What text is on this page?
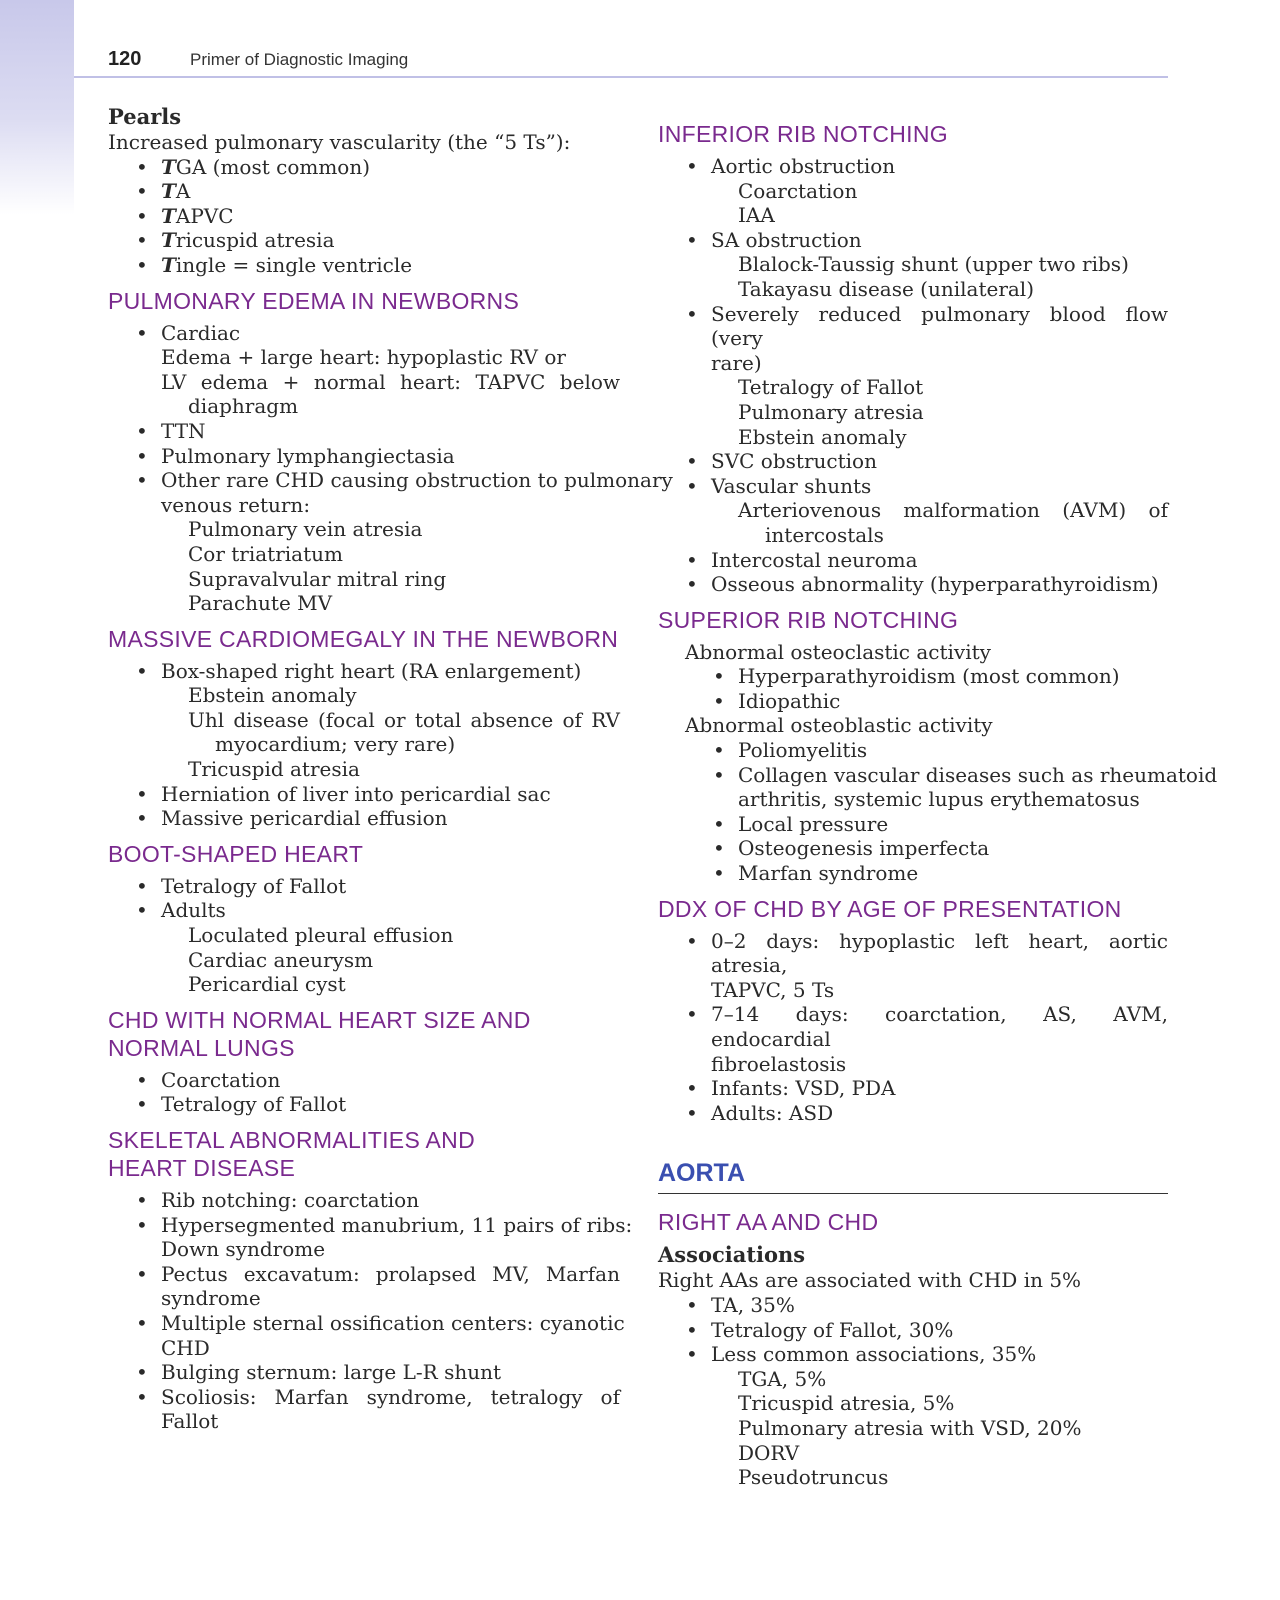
120	Primer of Diagnostic Imaging
Pearls
Increased pulmonary vascularity (the “5 Ts”):
• TGA (most common)
• TA
• TAPVC
• Tricuspid atresia
• Tingle = single ventricle
PULMONARY EDEMA IN NEWBORNS
• Cardiac
Edema + large heart: hypoplastic RV or
LV edema + normal heart: TAPVC below
diaphragm
• TTN
• Pulmonary lymphangiectasia
• Other rare CHD causing obstruction to pulmonary
venous return:
Pulmonary vein atresia
Cor triatriatum
Supravalvular mitral ring
Parachute MV
MASSIVE CARDIOMEGALY IN THE NEWBORN
• Box-shaped right heart (RA enlargement)
Ebstein anomaly
Uhl disease (focal or total absence of RV
myocardium; very rare)
Tricuspid atresia
• Herniation of liver into pericardial sac
• Massive pericardial effusion
BOOT-SHAPED HEART
• Tetralogy of Fallot
• Adults
Loculated pleural effusion
Cardiac aneurysm
Pericardial cyst
CHD WITH NORMAL HEART SIZE AND
NORMAL LUNGS
• Coarctation
• Tetralogy of Fallot
SKELETAL ABNORMALITIES AND
HEART DISEASE
• Rib notching: coarctation
• Hypersegmented manubrium, 11 pairs of ribs:
Down syndrome
• Pectus excavatum: prolapsed MV, Marfan
syndrome
• Multiple sternal ossification centers: cyanotic
CHD
• Bulging sternum: large L-R shunt
• Scoliosis: Marfan syndrome, tetralogy of
Fallot
INFERIOR RIB NOTCHING
• Aortic obstruction
Coarctation
IAA
• SA obstruction
Blalock-Taussig shunt (upper two ribs)
Takayasu disease (unilateral)
• Severely reduced pulmonary blood flow (very
rare)
Tetralogy of Fallot
Pulmonary atresia
Ebstein anomaly
• SVC obstruction
• Vascular shunts
Arteriovenous malformation (AVM) of
intercostals
• Intercostal neuroma
• Osseous abnormality (hyperparathyroidism)
SUPERIOR RIB NOTCHING
Abnormal osteoclastic activity
• Hyperparathyroidism (most common)
• Idiopathic
Abnormal osteoblastic activity
• Poliomyelitis
• Collagen vascular diseases such as rheumatoid
arthritis, systemic lupus erythematosus
• Local pressure
• Osteogenesis imperfecta
• Marfan syndrome
DDX OF CHD BY AGE OF PRESENTATION
• 0–2 days: hypoplastic left heart, aortic atresia,
TAPVC, 5 Ts
• 7–14 days: coarctation, AS, AVM, endocardial
fibroelastosis
• Infants: VSD, PDA
• Adults: ASD
AORTA
RIGHT AA AND CHD
Associations
Right AAs are associated with CHD in 5%
• TA, 35%
• Tetralogy of Fallot, 30%
• Less common associations, 35%
TGA, 5%
Tricuspid atresia, 5%
Pulmonary atresia with VSD, 20%
DORV
Pseudotruncus
